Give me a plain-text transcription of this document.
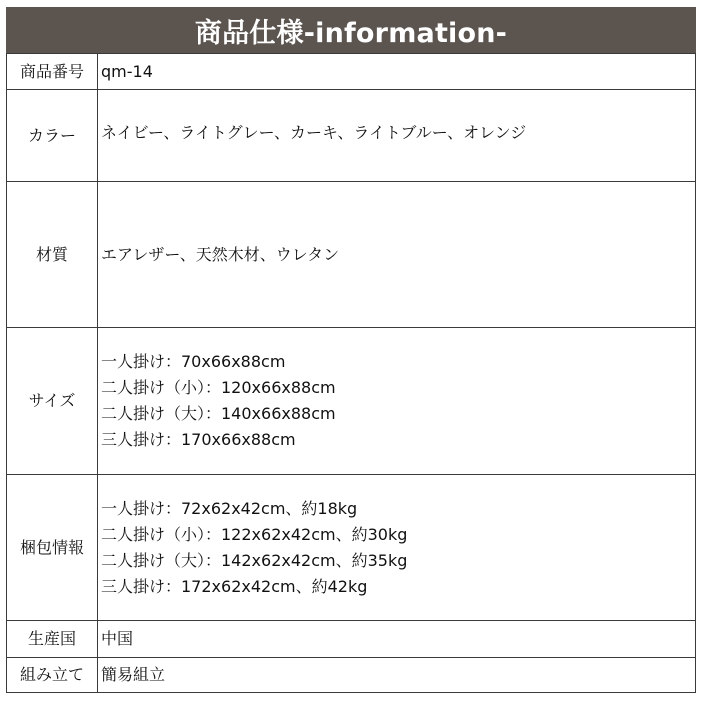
商品仕様-information-
商品番号	qm-14
カラー	ネイビー、ライトグレー、カーキ、ライトブルー、オレンジ
材質	エアレザー、天然木材、ウレタン
サイズ	一人掛け：70x66x88cm
二人掛け（小）：120x66x88cm
二人掛け（大）：140x66x88cm
三人掛け：170x66x88cm

梱包情報	一人掛け：72x62x42cm、約18kg
二人掛け（小）：122x62x42cm、約30kg
二人掛け（大）：142x62x42cm、約35kg
三人掛け：172x62x42cm、約42kg

生産国	中国
組み立て	簡易組立
